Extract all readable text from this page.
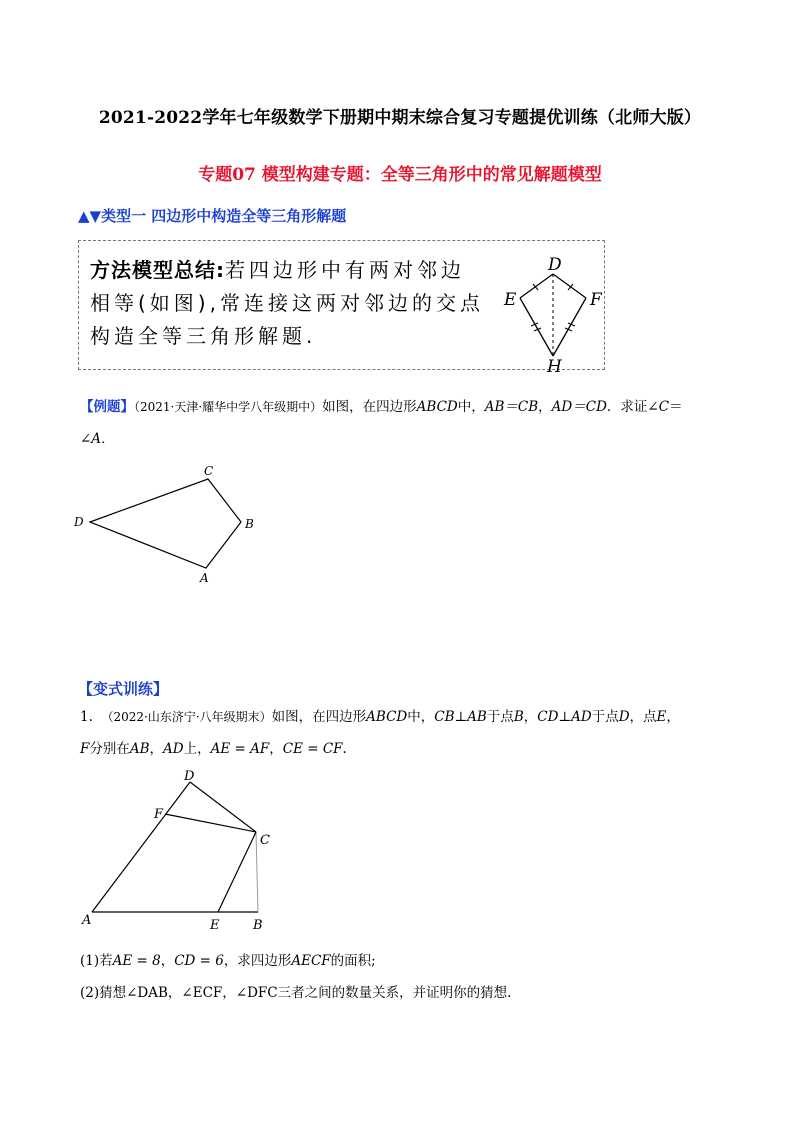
2021-2022学年七年级数学下册期中期末综合复习专题提优训练（北师大版）
专题07 模型构建专题：全等三角形中的常见解题模型
▲▼类型一 四边形中构造全等三角形解题
方法模型总结:若四边形中有两对邻边
相等(如图),常连接这两对邻边的交点
构造全等三角形解题.
D
E	F
H
【例题】（2021·天津·耀华中学八年级期中）如图，在四边形ABCD中，AB＝CB，AD＝CD．求证∠C＝
∠A．
C
D	B
A
【变式训练】
1. （2022·山东济宁·八年级期末）如图，在四边形ABCD中，CB⊥AB于点B，CD⊥AD于点D，点E，
F分别在AB，AD上，AE = AF，CE = CF.
D
F
C
A	E	B
(1)若AE = 8，CD = 6，求四边形AECF的面积;
(2)猜想∠DAB，∠ECF，∠DFC三者之间的数量关系，并证明你的猜想.
